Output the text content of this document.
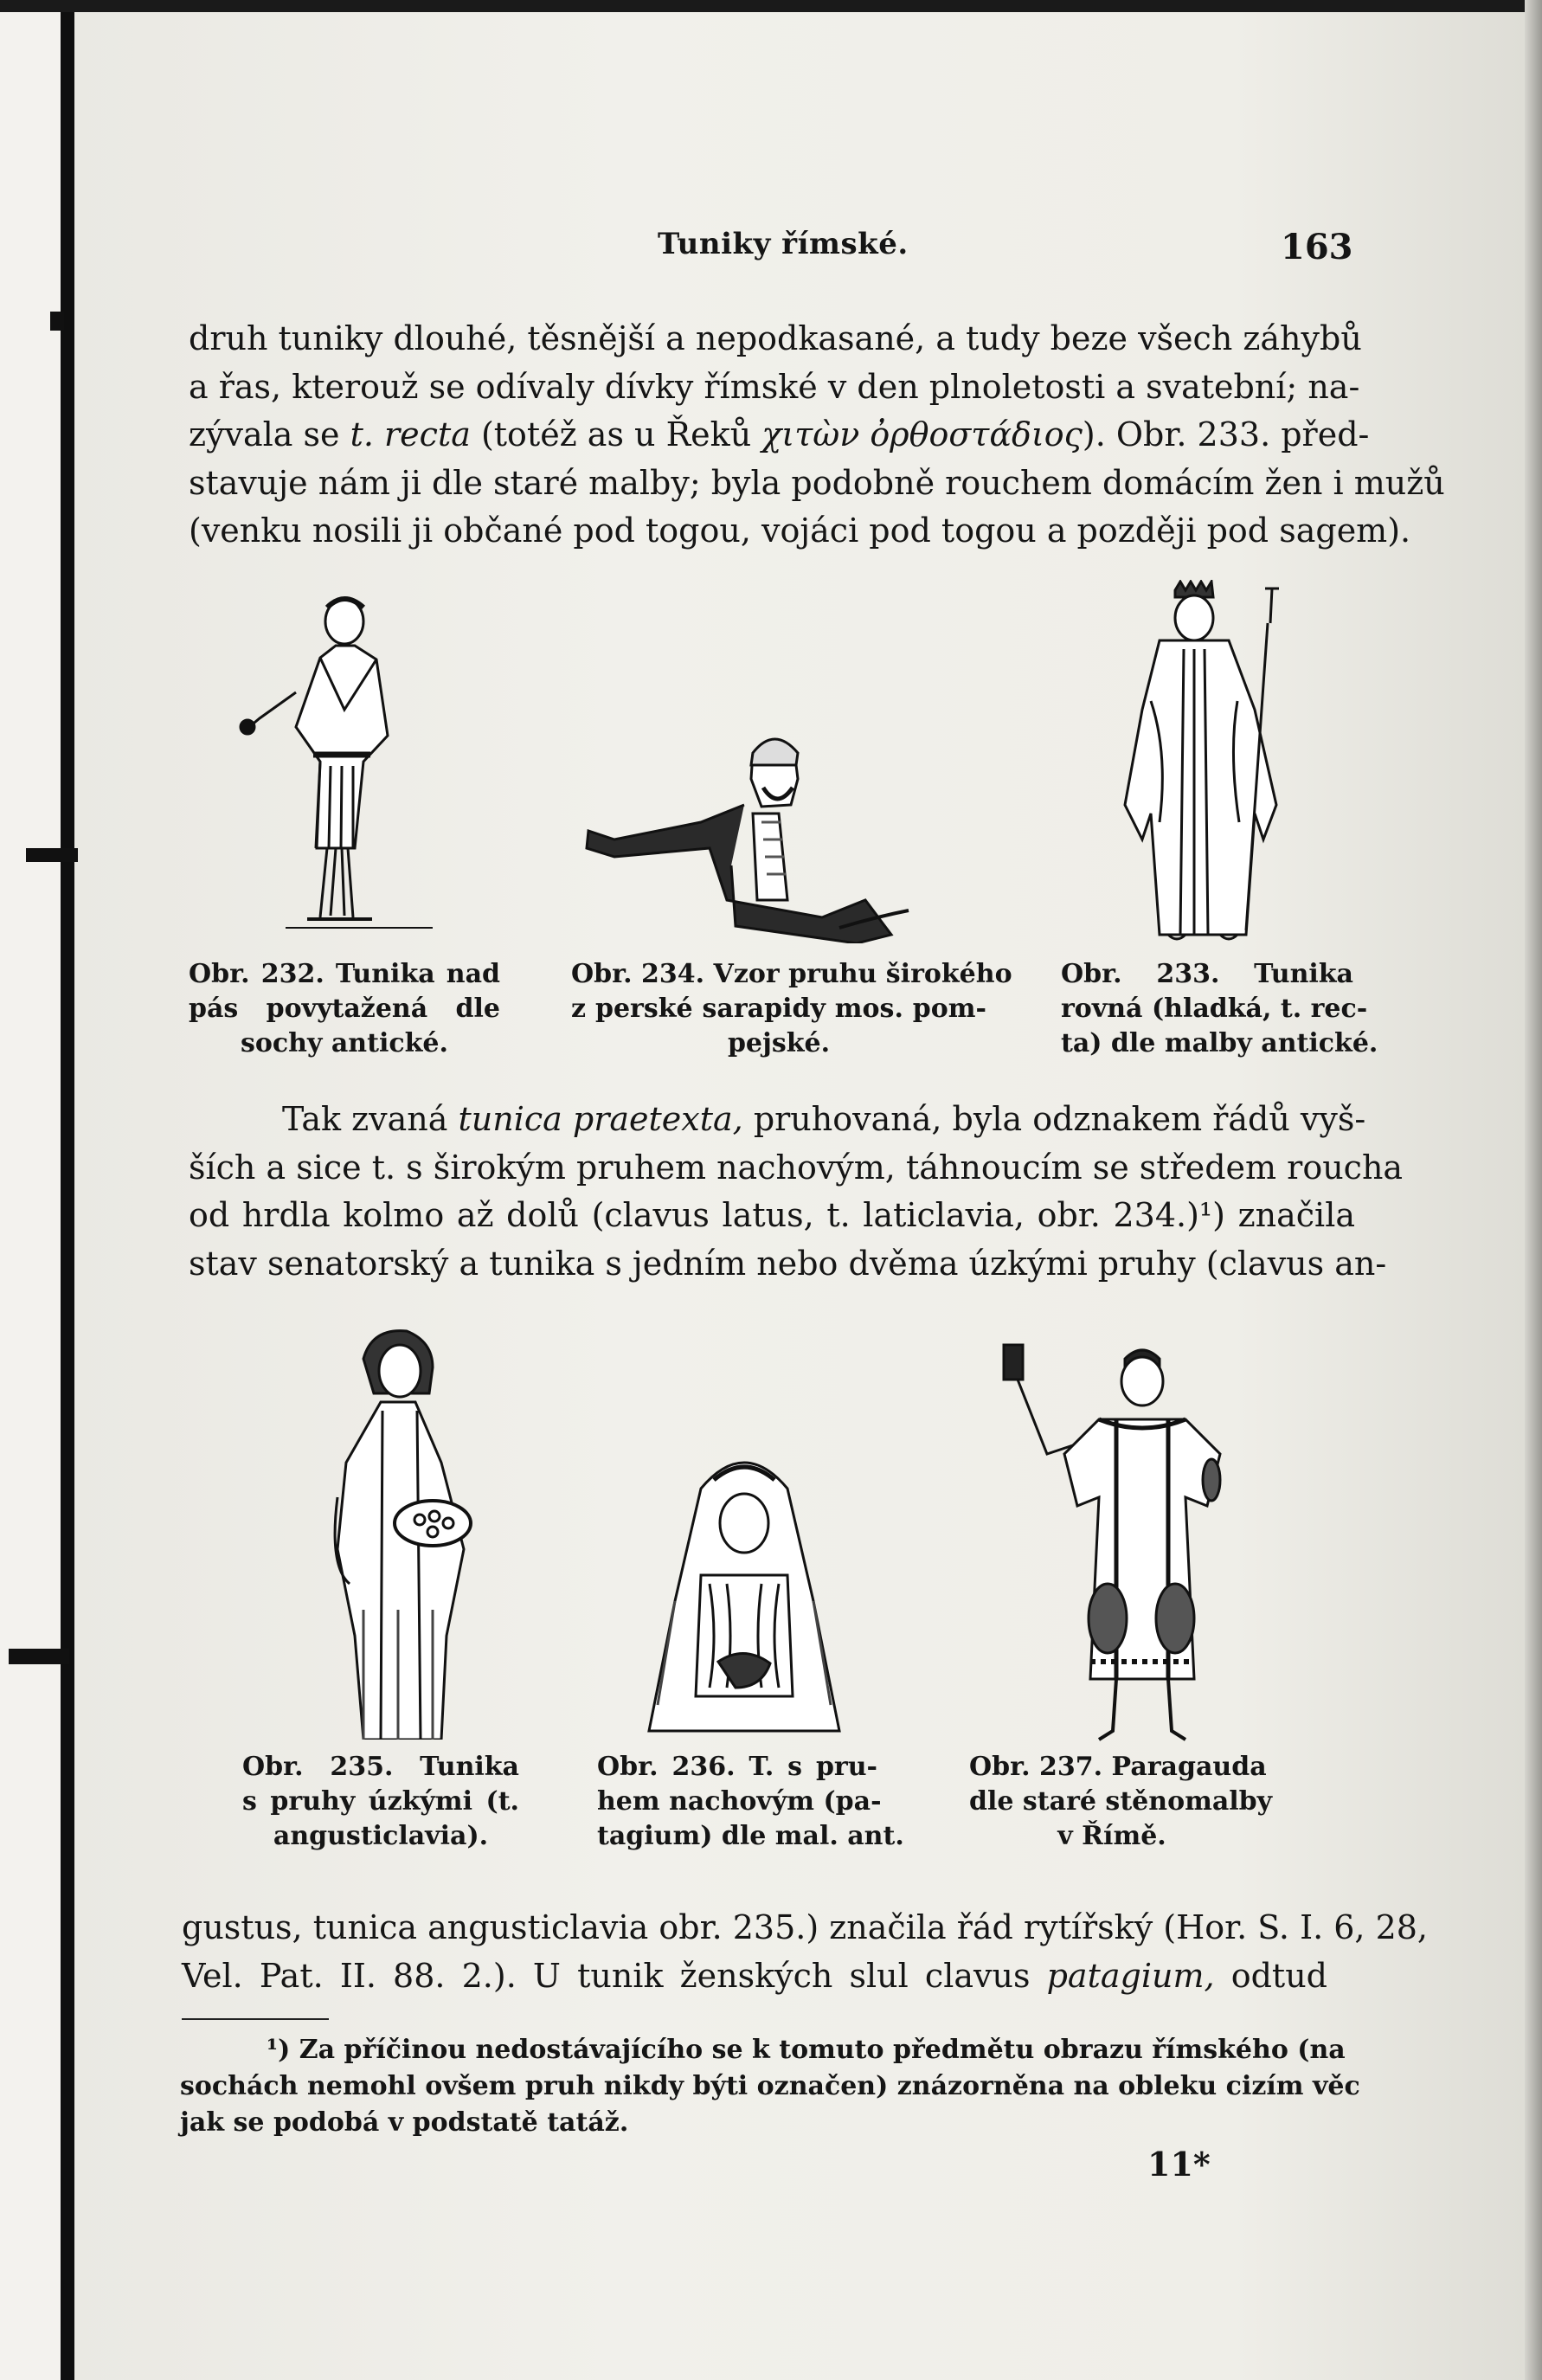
Tuniky římské.	163
druh tuniky dlouhé, těsnější a nepodkasané, a tudy beze všech záhybů
a řas, kterouž se odívaly dívky římské v den plnoletosti a svatební; na-
zývala se t. recta (totéž as u Řeků χιτὼν ὀρθοστάδιος). Obr. 233. před-
stavuje nám ji dle staré malby; byla podobně rouchem domácím žen i mužů
(venku nosili ji občané pod togou, vojáci pod togou a později pod sagem).
Obr. 232. Tunika nad
pás povytažená dle
sochy antické.
Obr. 234. Vzor pruhu širokého
z perské sarapidy mos. pom-
pejské.
Obr. 233. Tunika
rovná (hladká, t. rec-
ta) dle malby antické.
Tak zvaná tunica praetexta, pruhovaná, byla odznakem řádů vyš-
ších a sice t. s širokým pruhem nachovým, táhnoucím se středem roucha
od hrdla kolmo až dolů (clavus latus, t. laticlavia, obr. 234.)¹) značila
stav senatorský a tunika s jedním nebo dvěma úzkými pruhy (clavus an-
Obr. 235. Tunika
s pruhy úzkými (t.
angusticlavia).
Obr. 236. T. s pru-
hem nachovým (pa-
tagium) dle mal. ant.
Obr. 237. Paragauda
dle staré stěnomalby
v Římě.
gustus, tunica angusticlavia obr. 235.) značila řád rytířský (Hor. S. I. 6, 28,
Vel. Pat. II. 88. 2.). U tunik ženských slul clavus patagium, odtud
¹) Za příčinou nedostávajícího se k tomuto předmětu obrazu římského (na
sochách nemohl ovšem pruh nikdy býti označen) znázorněna na obleku cizím věc
jak se podobá v podstatě tatáž.
11*
